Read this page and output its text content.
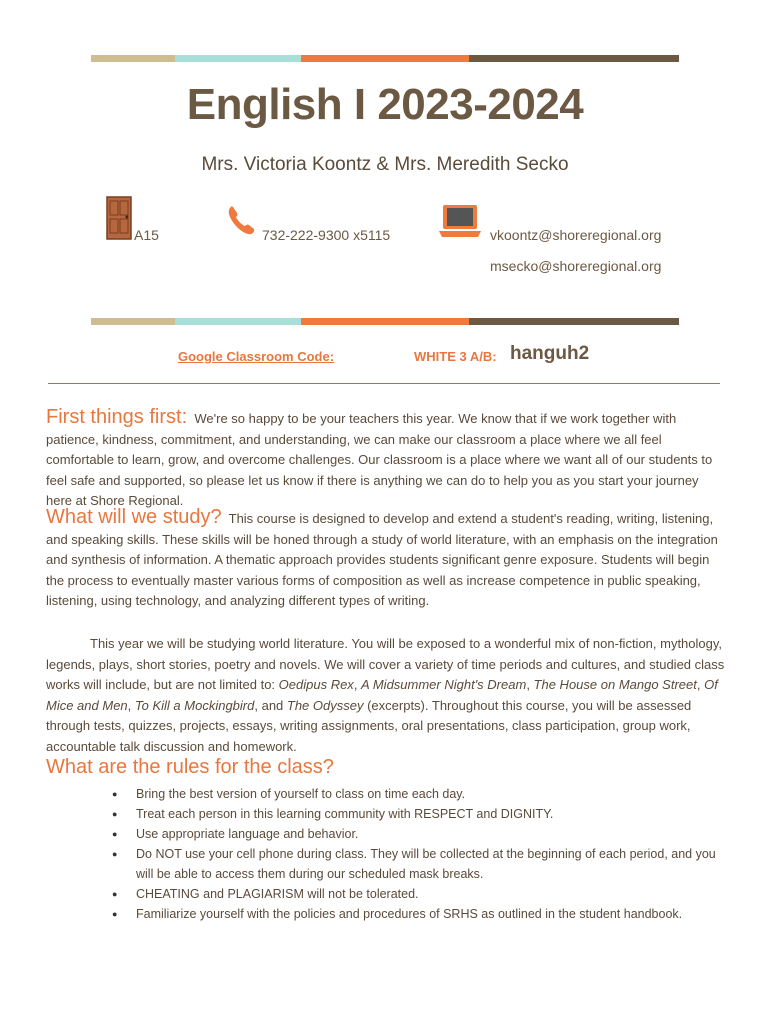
English I 2023-2024
Mrs. Victoria Koontz & Mrs. Meredith Secko
A15	732-222-9300 x5115	vkoontz@shoreregional.org
msecko@shoreregional.org
Google Classroom Code:	WHITE 3 A/B: hanguh2

First things first: We're so happy to be your teachers this year. We know that if we work together with patience, kindness, commitment, and understanding, we can make our classroom a place where we all feel comfortable to learn, grow, and overcome challenges. Our classroom is a place where we want all of our students to feel safe and supported, so please let us know if there is anything we can do to help you as you start your journey here at Shore Regional.

What will we study? This course is designed to develop and extend a student's reading, writing, listening, and speaking skills. These skills will be honed through a study of world literature, with an emphasis on the integration and synthesis of information. A thematic approach provides students significant genre exposure. Students will begin the process to eventually master various forms of composition as well as increase competence in public speaking, listening, using technology, and analyzing different types of writing.

This year we will be studying world literature. You will be exposed to a wonderful mix of non-fiction, mythology, legends, plays, short stories, poetry and novels. We will cover a variety of time periods and cultures, and studied class works will include, but are not limited to: Oedipus Rex, A Midsummer Night's Dream, The House on Mango Street, Of Mice and Men, To Kill a Mockingbird, and The Odyssey (excerpts). Throughout this course, you will be assessed through tests, quizzes, projects, essays, writing assignments, oral presentations, class participation, group work, accountable talk discussion and homework.

What are the rules for the class?
● Bring the best version of yourself to class on time each day.
● Treat each person in this learning community with RESPECT and DIGNITY.
● Use appropriate language and behavior.
● Do NOT use your cell phone during class. They will be collected at the beginning of each period, and you will be able to access them during our scheduled mask breaks.
● CHEATING and PLAGIARISM will not be tolerated.
● Familiarize yourself with the policies and procedures of SRHS as outlined in the student handbook.
